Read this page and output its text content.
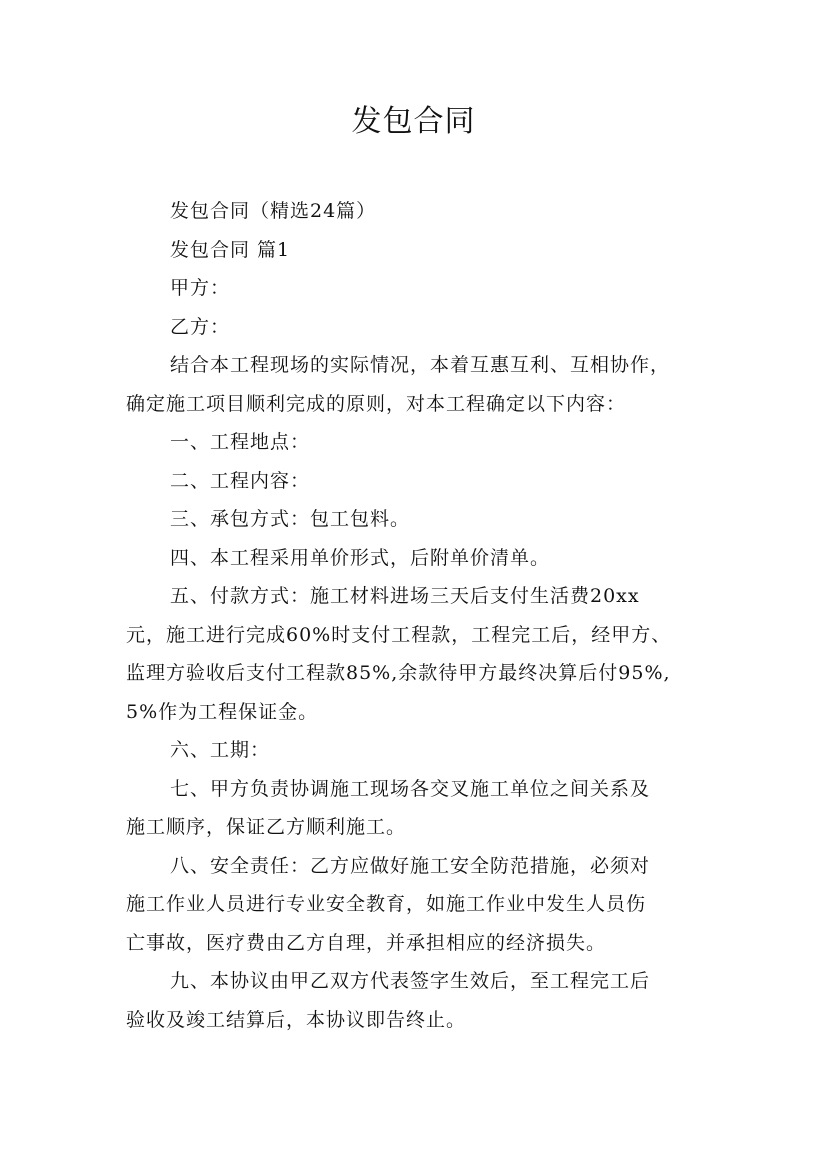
发包合同
发包合同（精选24篇）
发包合同 篇1
甲方：
乙方：
结合本工程现场的实际情况，本着互惠互利、互相协作，
确定施工项目顺利完成的原则，对本工程确定以下内容：
一、工程地点：
二、工程内容：
三、承包方式：包工包料。
四、本工程采用单价形式，后附单价清单。
五、付款方式：施工材料进场三天后支付生活费20xx
元，施工进行完成60%时支付工程款，工程完工后，经甲方、
监理方验收后支付工程款85%,余款待甲方最终决算后付95%,
5%作为工程保证金。
六、工期：
七、甲方负责协调施工现场各交叉施工单位之间关系及
施工顺序，保证乙方顺利施工。
八、安全责任：乙方应做好施工安全防范措施，必须对
施工作业人员进行专业安全教育，如施工作业中发生人员伤
亡事故，医疗费由乙方自理，并承担相应的经济损失。
九、本协议由甲乙双方代表签字生效后，至工程完工后
验收及竣工结算后，本协议即告终止。
